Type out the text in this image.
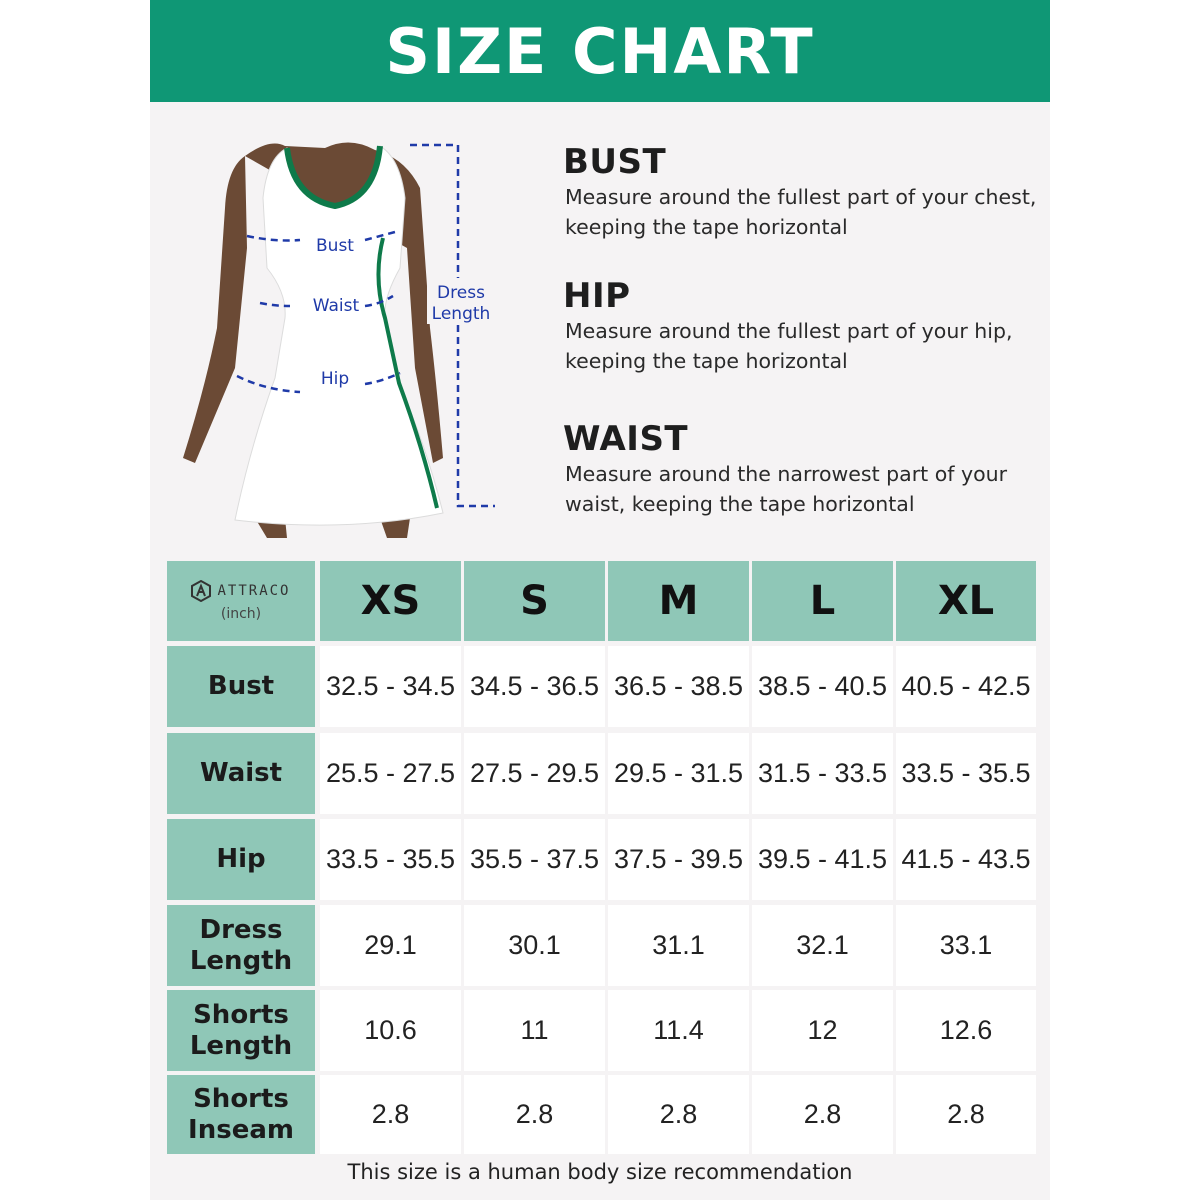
SIZE CHART
Bust
Waist
Hip
Dress
Length
BUST
Measure around the fullest part of your chest,
keeping the tape horizontal
HIP
Measure around the fullest part of your hip,
keeping the tape horizontal
WAIST
Measure around the narrowest part of your
waist, keeping the tape horizontal
ATTRACO
(inch) XS S	M	L	XL
Bust 32.5 - 34.5 34.5 - 36.5 36.5 - 38.5 38.5 - 40.5 40.5 - 42.5
Waist 25.5 - 27.5 27.5 - 29.5 29.5 - 31.5 31.5 - 33.5 33.5 - 35.5
Hip 33.5 - 35.5 35.5 - 37.5 37.5 - 39.5 39.5 - 41.5 41.5 - 43.5
Dress
Length
29.1	30.1	31.1	32.1	33.1
Shorts
Length
10.6	11	11.4	12	12.6
Shorts
Inseam
2.8	2.8	2.8	2.8	2.8
This size is a human body size recommendation
